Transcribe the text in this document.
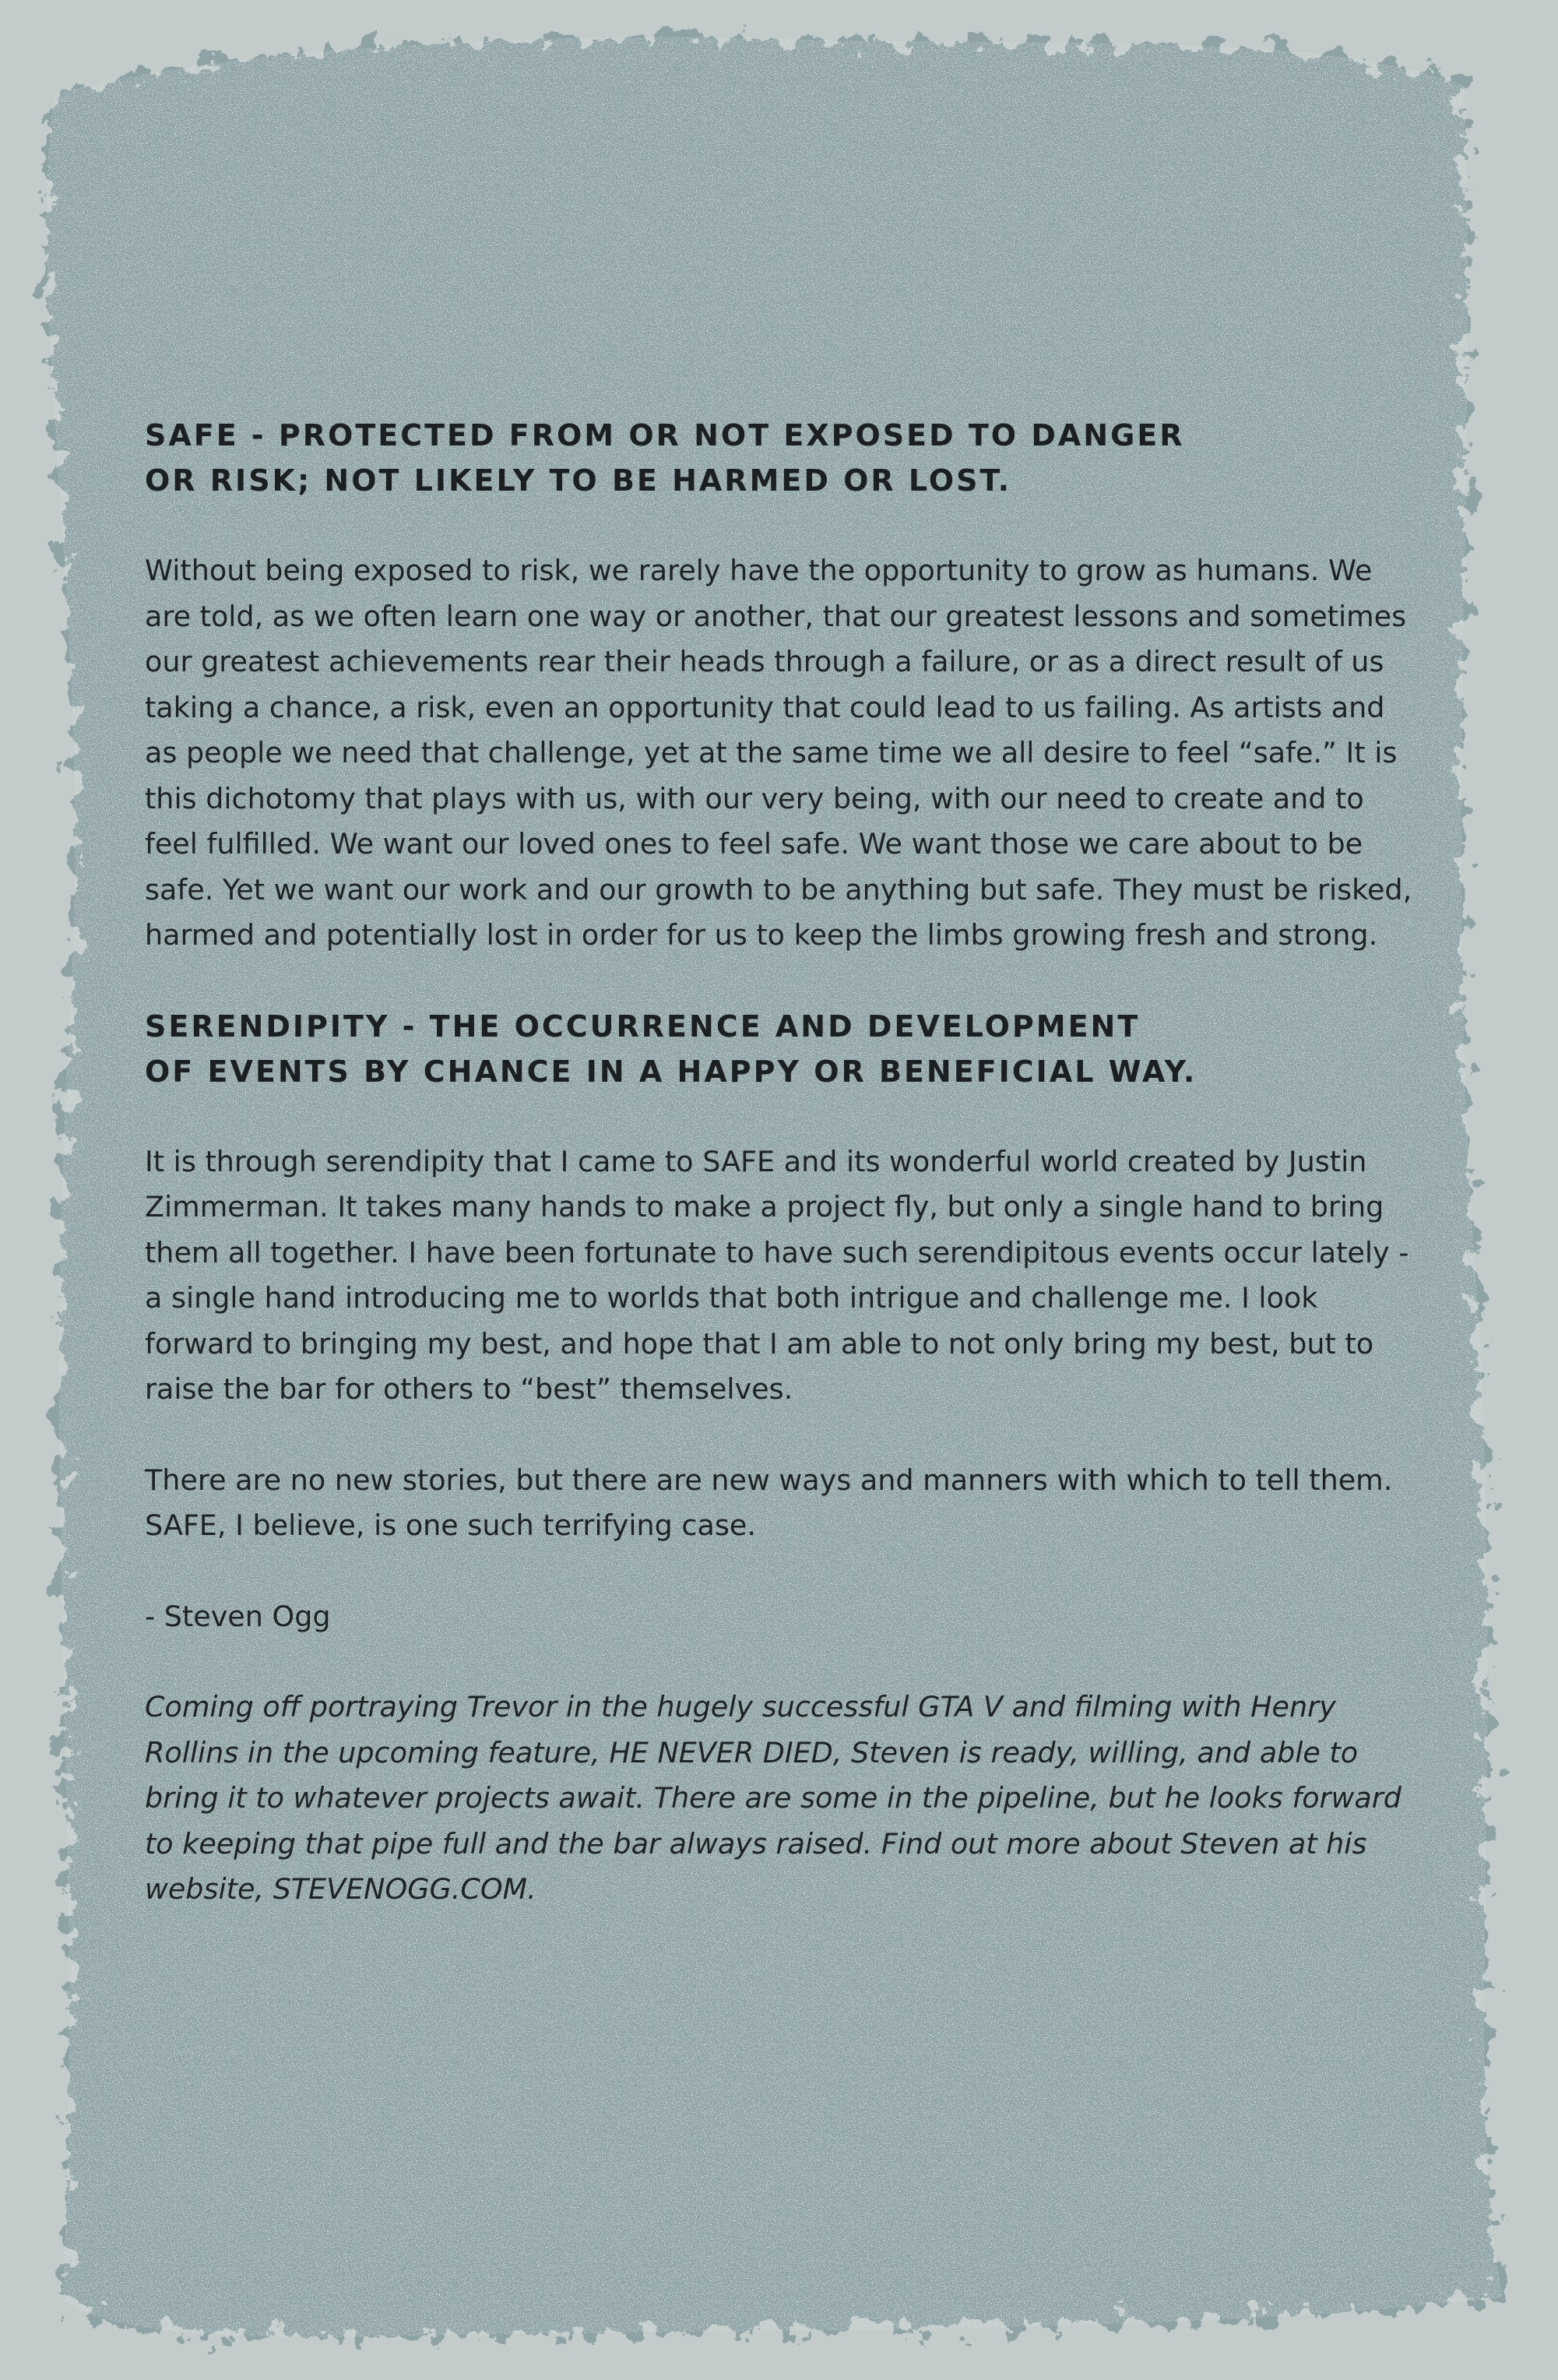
SAFE - PROTECTED FROM OR NOT EXPOSED TO DANGER
OR RISK; NOT LIKELY TO BE HARMED OR LOST.

Without being exposed to risk, we rarely have the opportunity to grow as humans. We are told, as we often learn one way or another, that our greatest lessons and sometimes our greatest achievements rear their heads through a failure, or as a direct result of us taking a chance, a risk, even an opportunity that could lead to us failing. As artists and as people we need that challenge, yet at the same time we all desire to feel “safe.” It is this dichotomy that plays with us, with our very being, with our need to create and to feel fulfilled. We want our loved ones to feel safe. We want those we care about to be safe. Yet we want our work and our growth to be anything but safe. They must be risked, harmed and potentially lost in order for us to keep the limbs growing fresh and strong.

SERENDIPITY - THE OCCURRENCE AND DEVELOPMENT
OF EVENTS BY CHANCE IN A HAPPY OR BENEFICIAL WAY.

It is through serendipity that I came to SAFE and its wonderful world created by Justin Zimmerman. It takes many hands to make a project fly, but only a single hand to bring them all together. I have been fortunate to have such serendipitous events occur lately - a single hand introducing me to worlds that both intrigue and challenge me. I look forward to bringing my best, and hope that I am able to not only bring my best, but to raise the bar for others to “best” themselves.

There are no new stories, but there are new ways and manners with which to tell them. SAFE, I believe, is one such terrifying case.

- Steven Ogg

Coming off portraying Trevor in the hugely successful GTA V and filming with Henry Rollins in the upcoming feature, HE NEVER DIED, Steven is ready, willing, and able to bring it to whatever projects await. There are some in the pipeline, but he looks forward to keeping that pipe full and the bar always raised. Find out more about Steven at his website, STEVENOGG.COM.
